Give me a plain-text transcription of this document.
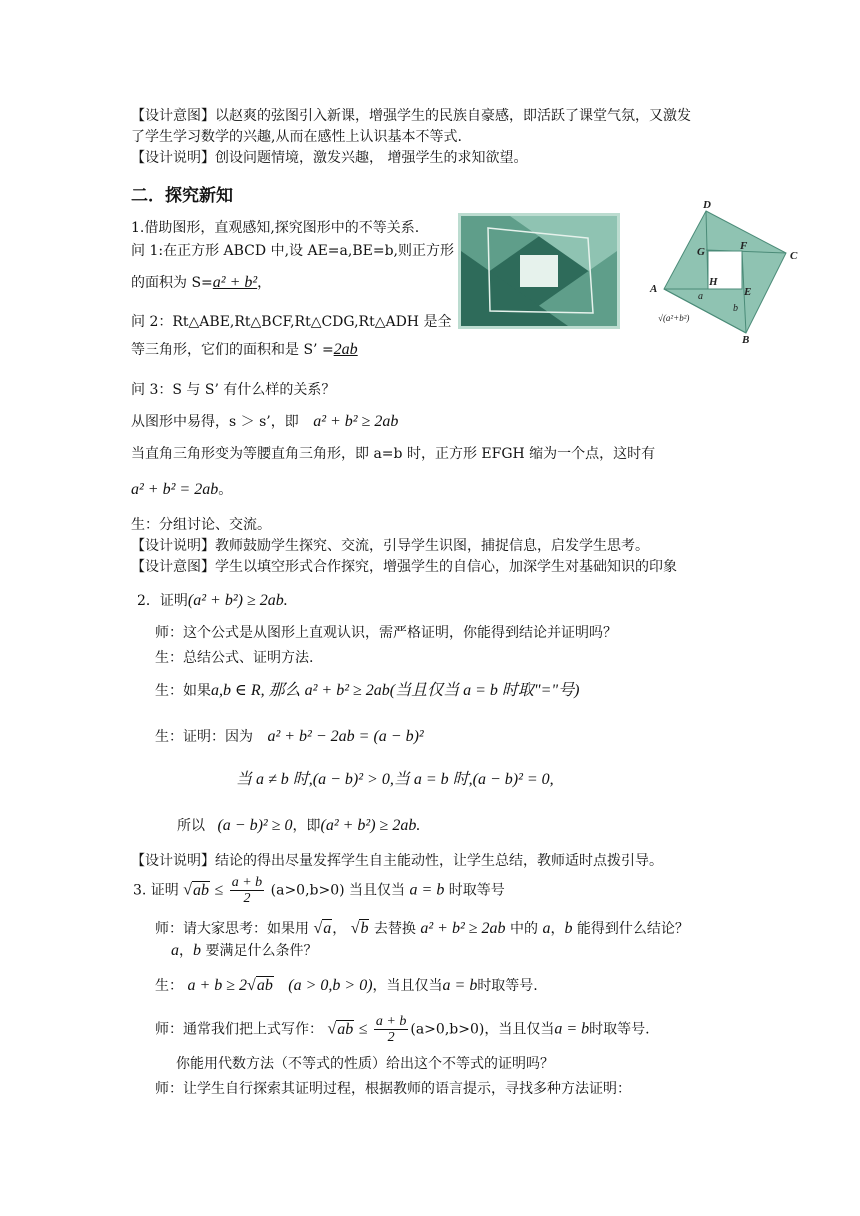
【设计意图】以赵爽的弦图引入新课，增强学生的民族自豪感，即活跃了课堂气氛，又激发
了学生学习数学的兴趣,从而在感性上认识基本不等式.
【设计说明】创设问题情境，激发兴趣， 增强学生的求知欲望。
二．探究新知
1.借助图形，直观感知,探究图形中的不等关系.
问 1:在正方形 ABCD 中,设 AE=a,BE=b,则正方形
的面积为 S=a² + b²，
问 2：Rt△ABE,Rt△BCF,Rt△CDG,Rt△ADH 是全
等三角形，它们的面积和是 S’ =2ab
D
C
A
B
G	F
H
E
a
b
√(a²+b²)
问 3：S 与 S’ 有什么样的关系？
从图形中易得，s ＞ s’，即 a² + b² ≥ 2ab
当直角三角形变为等腰直角三角形，即 a=b 时，正方形 EFGH 缩为一个点，这时有
a² + b² = 2ab。
生：分组讨论、交流。
【设计说明】教师鼓励学生探究、交流，引导学生识图，捕捉信息，启发学生思考。
【设计意图】学生以填空形式合作探究，增强学生的自信心，加深学生对基础知识的印象
2．证明(a² + b²) ≥ 2ab.
师：这个公式是从图形上直观认识，需严格证明，你能得到结论并证明吗？
生：总结公式、证明方法.
生：如果a,b ∈ R, 那么 a² + b² ≥ 2ab(当且仅当 a = b 时取"="号)
生：证明：因为 a² + b² − 2ab = (a − b)²
当 a ≠ b 时,(a − b)² > 0,当 a = b 时,(a − b)² = 0,
所以 (a − b)² ≥ 0，即(a² + b²) ≥ 2ab.
【设计说明】结论的得出尽量发挥学生自主能动性，让学生总结，教师适时点拨引导。
3. 证明 $√ab \le \frac{a + b}{2} (a>0,b>0)$ 当且仅当 a = b 时取等号
师：请大家思考：如果用 √a， √b 去替换 a² + b² ≥ 2ab 中的 a，b 能得到什么结论？
a，b 要满足什么条件？
生： a + b ≥ 2√ab (a > 0,b > 0)，当且仅当a = b时取等号.
师：通常我们把上式写作： $√ab \le \frac{a + b}{2} (a>0,b>0)$，当且仅当a = b时取等号.
你能用代数方法（不等式的性质）给出这个不等式的证明吗？
师：让学生自行探索其证明过程，根据教师的语言提示，寻找多种方法证明：
